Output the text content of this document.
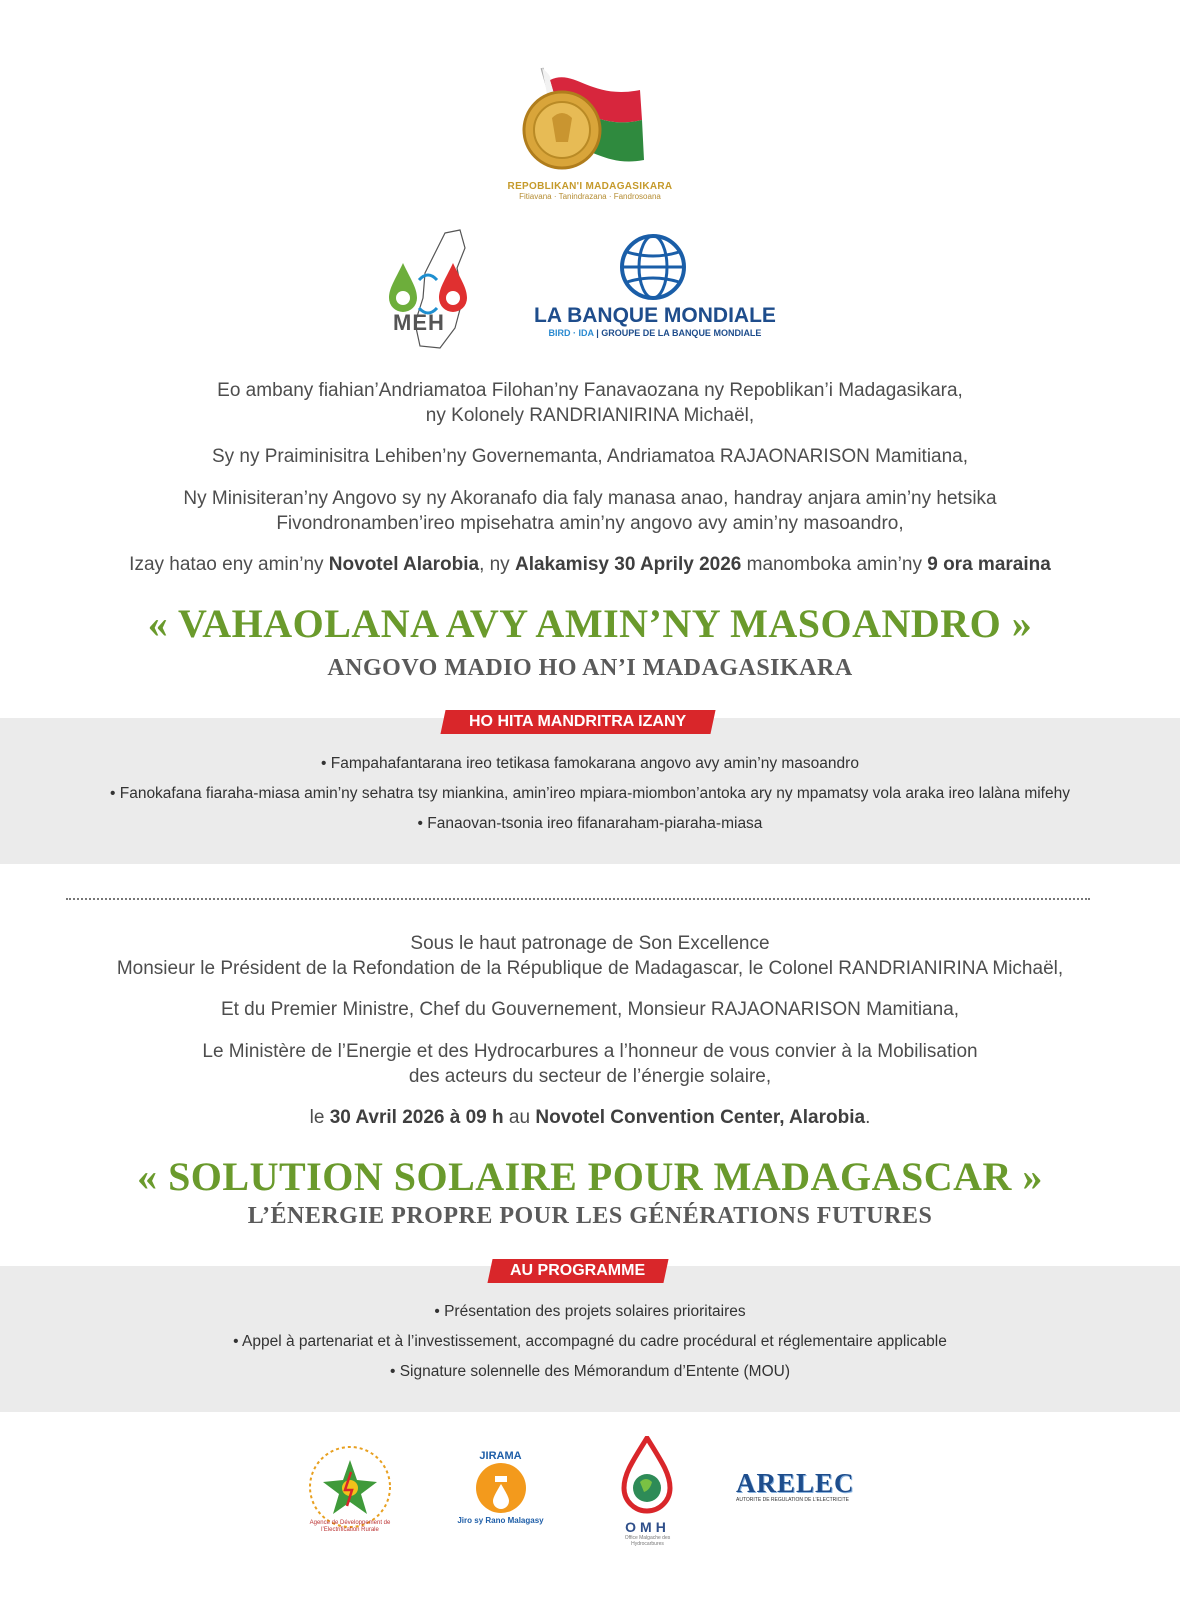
REPOBLIKAN'I MADAGASIKARA
Fitiavana · Tanindrazana · Fandrosoana
MEH	LA BANQUE MONDIALE
BIRD · IDA | GROUPE DE LA BANQUE MONDIALE
Eo ambany fiahian’Andriamatoa Filohan’ny Fanavaozana ny Repoblikan’i Madagasikara,
ny Kolonely RANDRIANIRINA Michaël,
Sy ny Praiminisitra Lehiben’ny Governemanta, Andriamatoa RAJAONARISON Mamitiana,
Ny Minisiteran’ny Angovo sy ny Akoranafo dia faly manasa anao, handray anjara amin’ny hetsika
Fivondronamben’ireo mpisehatra amin’ny angovo avy amin’ny masoandro,
Izay hatao eny amin’ny Novotel Alarobia, ny Alakamisy 30 Aprily 2026 manomboka amin’ny 9 ora maraina
« VAHAOLANA AVY AMIN’NY MASOANDRO »
ANGOVO MADIO HO AN’I MADAGASIKARA
HO HITA MANDRITRA IZANY
• Fampahafantarana ireo tetikasa famokarana angovo avy amin’ny masoandro
• Fanokafana fiaraha-miasa amin’ny sehatra tsy miankina, amin’ireo mpiara-miombon’antoka ary ny mpamatsy vola araka ireo lalàna mifehy
• Fanaovan-tsonia ireo fifanaraham-piaraha-miasa
Sous le haut patronage de Son Excellence
Monsieur le Président de la Refondation de la République de Madagascar, le Colonel RANDRIANIRINA Michaël,
Et du Premier Ministre, Chef du Gouvernement, Monsieur RAJAONARISON Mamitiana,
Le Ministère de l’Energie et des Hydrocarbures a l’honneur de vous convier à la Mobilisation
des acteurs du secteur de l’énergie solaire,
le 30 Avril 2026 à 09 h au Novotel Convention Center, Alarobia.
« SOLUTION SOLAIRE POUR MADAGASCAR »
L’ÉNERGIE PROPRE POUR LES GÉNÉRATIONS FUTURES
AU PROGRAMME
• Présentation des projets solaires prioritaires
• Appel à partenariat et à l’investissement, accompagné du cadre procédural et réglementaire applicable
• Signature solennelle des Mémorandum d’Entente (MOU)
Agence de Développement de l’Electrification Rurale
JIRAMA
Jiro sy Rano Malagasy	OMH
Office Malgache des Hydrocarbures
ARELEC
AUTORITE DE REGULATION DE L'ELECTRICITE
